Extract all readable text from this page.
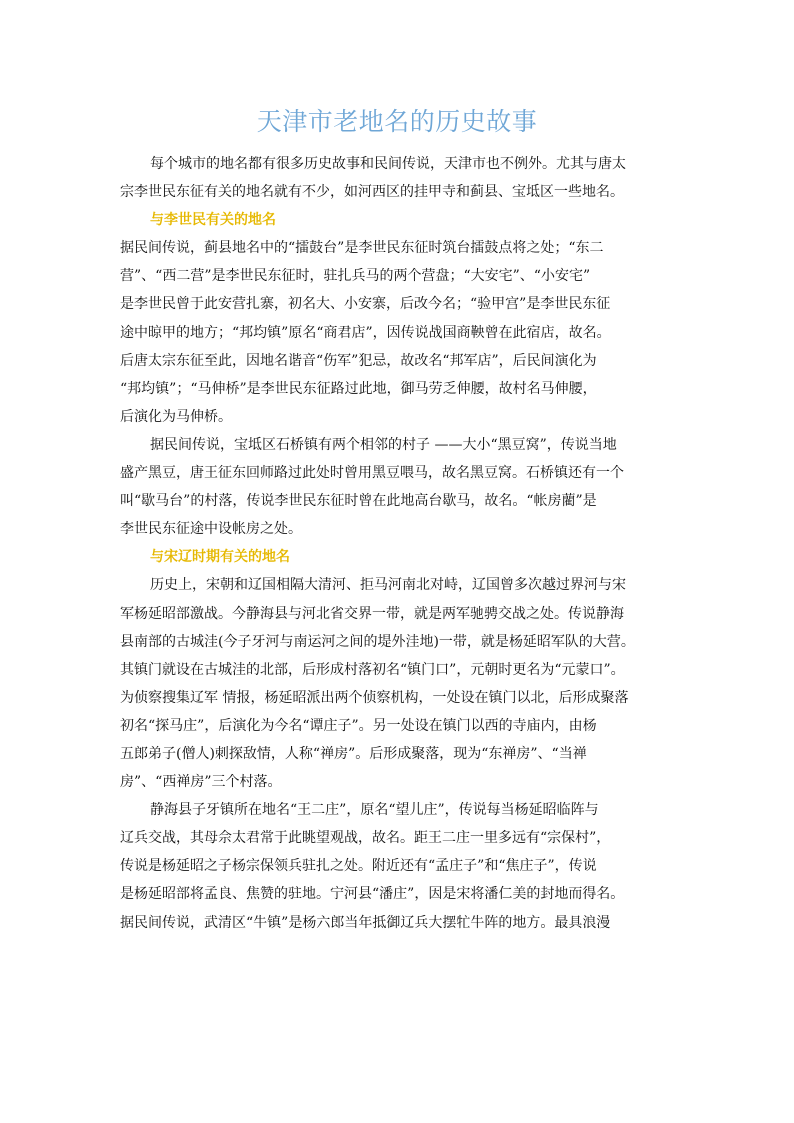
天津市老地名的历史故事
每个城市的地名都有很多历史故事和民间传说，天津市也不例外。尤其与唐太
宗李世民东征有关的地名就有不少，如河西区的挂甲寺和蓟县、宝坻区一些地名。
与李世民有关的地名
据民间传说，蓟县地名中的“擂鼓台”是李世民东征时筑台擂鼓点将之处；“东二
营”、“西二营”是李世民东征时，驻扎兵马的两个营盘；“大安宅”、“小安宅”
是李世民曾于此安营扎寨，初名大、小安寨，后改今名；“验甲宫”是李世民东征
途中晾甲的地方；“邦均镇”原名“商君店”，因传说战国商鞅曾在此宿店，故名。
后唐太宗东征至此，因地名谐音“伤军”犯忌，故改名“邦军店”，后民间演化为
“邦均镇”；“马伸桥”是李世民东征路过此地，御马劳乏伸腰，故村名马伸腰，
后演化为马伸桥。
据民间传说，宝坻区石桥镇有两个相邻的村子 ——大小“黑豆窝”，传说当地
盛产黑豆，唐王征东回师路过此处时曾用黑豆喂马，故名黑豆窝。石桥镇还有一个
叫“歇马台”的村落，传说李世民东征时曾在此地高台歇马，故名。“帐房藺”是
李世民东征途中设帐房之处。
与宋辽时期有关的地名
历史上，宋朝和辽国相隔大清河、拒马河南北对峙，辽国曾多次越过界河与宋
军杨延昭部激战。今静海县与河北省交界一带，就是两军驰骋交战之处。传说静海
县南部的古城洼(今子牙河与南运河之间的堤外洼地)一带，就是杨延昭军队的大营。
其镇门就设在古城洼的北部，后形成村落初名“镇门口”，元朝时更名为“元蒙口”。
为侦察搜集辽军 情报，杨延昭派出两个侦察机构，一处设在镇门以北，后形成聚落
初名“探马庄”，后演化为今名“谭庄子”。另一处设在镇门以西的寺庙内，由杨
五郎弟子(僧人)刺探敌情，人称“禅房”。后形成聚落，现为“东禅房”、“当禅
房”、“西禅房”三个村落。
静海县子牙镇所在地名“王二庄”，原名“望儿庄”，传说每当杨延昭临阵与
辽兵交战，其母佘太君常于此眺望观战，故名。距王二庄一里多远有“宗保村”，
传说是杨延昭之子杨宗保领兵驻扎之处。附近还有“孟庄子”和“焦庄子”，传说
是杨延昭部将孟良、焦赞的驻地。宁河县“潘庄”，因是宋将潘仁美的封地而得名。
据民间传说，武清区“牛镇”是杨六郎当年抵御辽兵大摆牤牛阵的地方。最具浪漫
